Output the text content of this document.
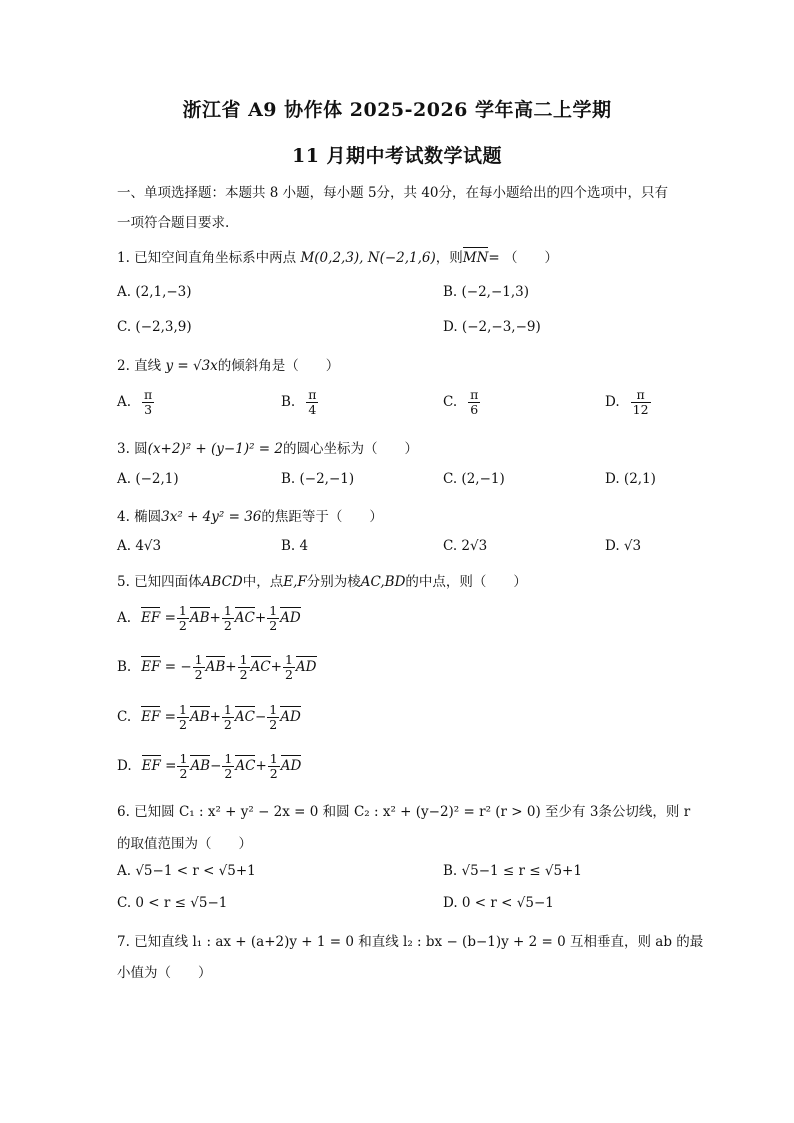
浙江省 A9 协作体 2025-2026 学年高二上学期
11 月期中考试数学试题
一、单项选择题：本题共 8 小题，每小题 5分，共 40分，在每小题给出的四个选项中，只有一项符合题目要求.
1. 已知空间直角坐标系中两点 M(0,2,3), N(−2,1,6)，则MN= （　　）
A. (2,1,−3)	B. (−2,−1,3)
C. (−2,3,9)	D. (−2,−3,−9)
2. 直线 y = √3x的倾斜角是（　　）
A. $\frac{\pi}{3}$	B. $\frac{\pi}{4}$	C. $\frac{\pi}{6}$	D. $\frac{\pi}{12}$
3. 圆(x+2)² + (y−1)² = 2的圆心坐标为（　　）
A. (−2,1)	B. (−2,−1)	C. (2,−1)	D. (2,1)
4. 椭圆3x² + 4y² = 36的焦距等于（　　）
A. 4√3	B. 4	C. 2√3	D. √3
5. 已知四面体ABCD中，点E,F分别为棱AC,BD的中点，则（　　）
A. EF = $\frac{1}{2} AB+ \frac{1}{2} AC+ \frac{1}{2}$ AD
B. EF = − $\frac{1}{2} AB+ \frac{1}{2} AC+ \frac{1}{2}$ AD
C. EF = $\frac{1}{2} AB+ \frac{1}{2} AC- \frac{1}{2}$ AD
D. EF = $\frac{1}{2} AB- \frac{1}{2} AC+ \frac{1}{2}$ AD
6. 已知圆 C₁ : x² + y² − 2x = 0 和圆 C₂ : x² + (y−2)² = r² (r > 0) 至少有 3条公切线，则 r
的取值范围为（　　）
A. √5−1 < r < √5+1	B. √5−1 ≤ r ≤ √5+1
C. 0 < r ≤ √5−1	D. 0 < r < √5−1
7. 已知直线 l₁ : ax + (a+2)y + 1 = 0 和直线 l₂ : bx − (b−1)y + 2 = 0 互相垂直，则 ab 的最
小值为（　　）
